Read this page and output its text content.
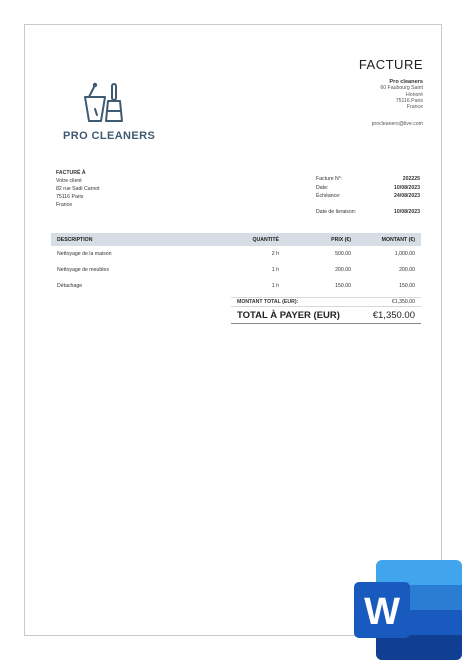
PRO CLEANERS
FACTURE
Pro cleaners
60 Faubourg Saint
Honoré
75116 Paris
France
procleaners@live.com
FACTURÉ À
Votre client
82 rue Sadi Carnot
75116 Paris
France
Facture N°:	202225
Date:	10/08/2023
Échéance:	24/08/2023
Date de livraison:	10/08/2023
DESCRIPTION	QUANTITÉ	PRIX (€)	MONTANT (€)
Nettoyage de la maison	2 h	500.00	1,000.00
Nettoyage de meubles	1 h	200.00	200.00
Détachage	1 h	150.00	150.00
MONTANT TOTAL (EUR):	€1,350.00
TOTAL À PAYER (EUR)	€1,350.00
W
